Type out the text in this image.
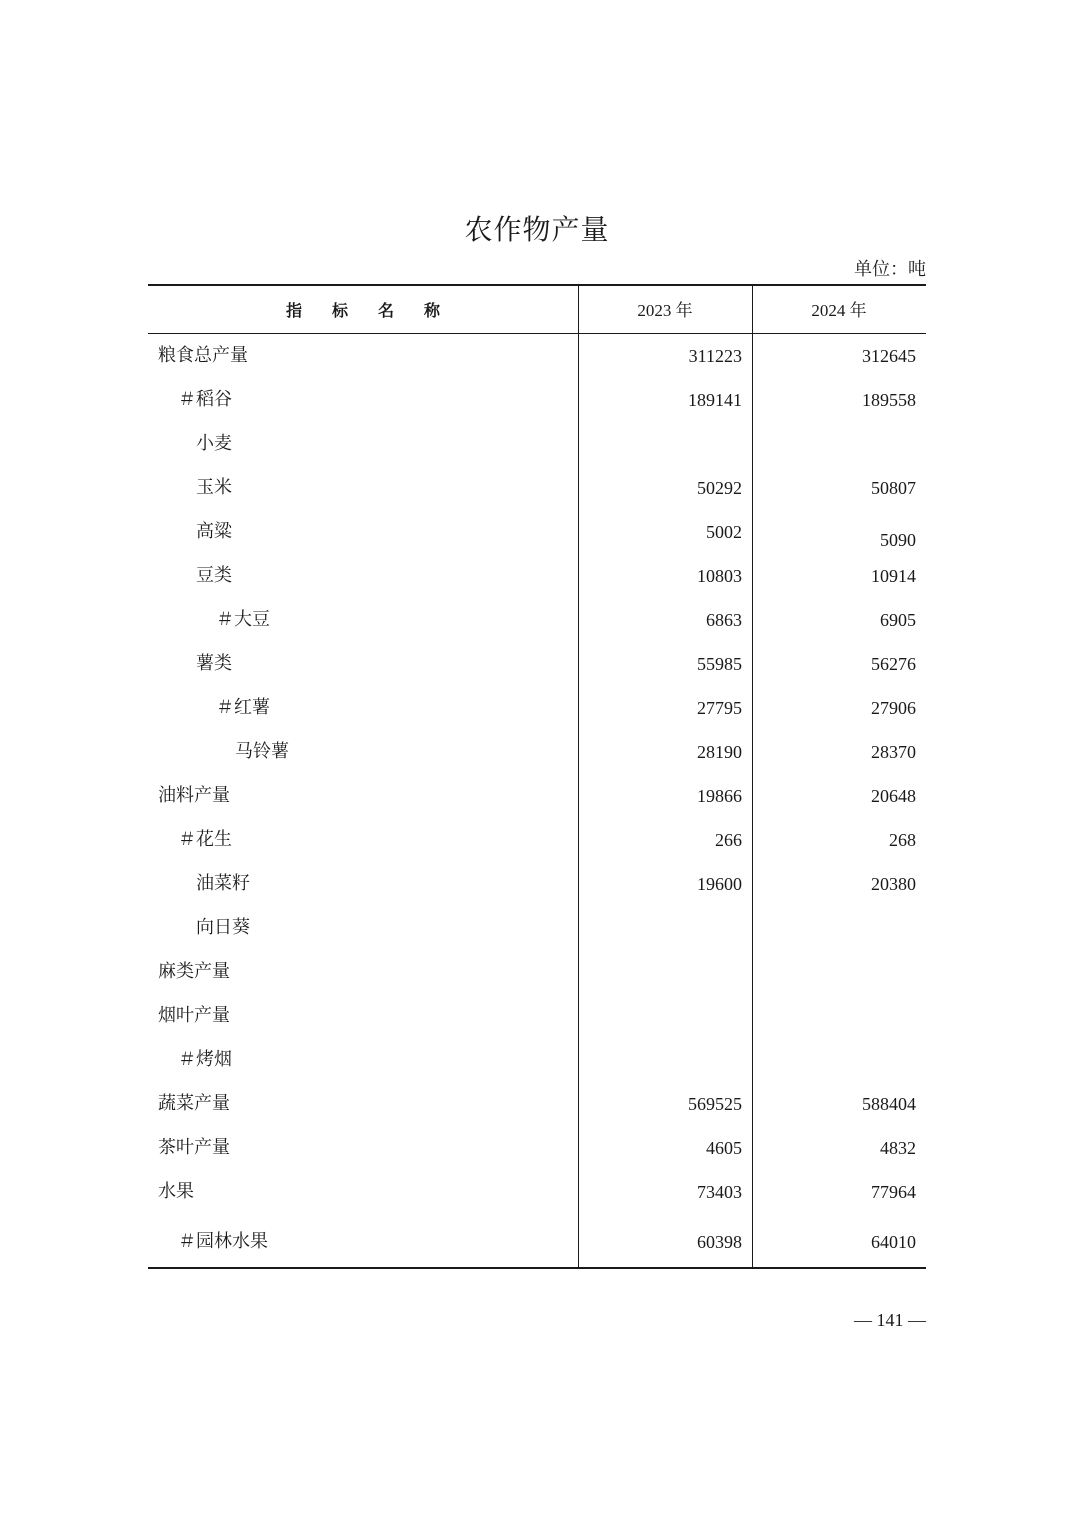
农作物产量
单位：吨
指标名称	2023 年	2024 年
粮食总产量	311223	312645
＃稻谷	189141	189558
小麦
玉米	50292	50807
高粱	5002	5090
豆类	10803	10914
＃大豆	6863	6905
薯类	55985	56276
＃红薯	27795	27906
马铃薯	28190	28370
油料产量	19866	20648
＃花生	266	268
油菜籽	19600	20380
向日葵
麻类产量
烟叶产量
＃烤烟
蔬菜产量	569525	588404
茶叶产量	4605	4832
水果	73403	77964
＃园林水果	60398	64010
— 141 —
